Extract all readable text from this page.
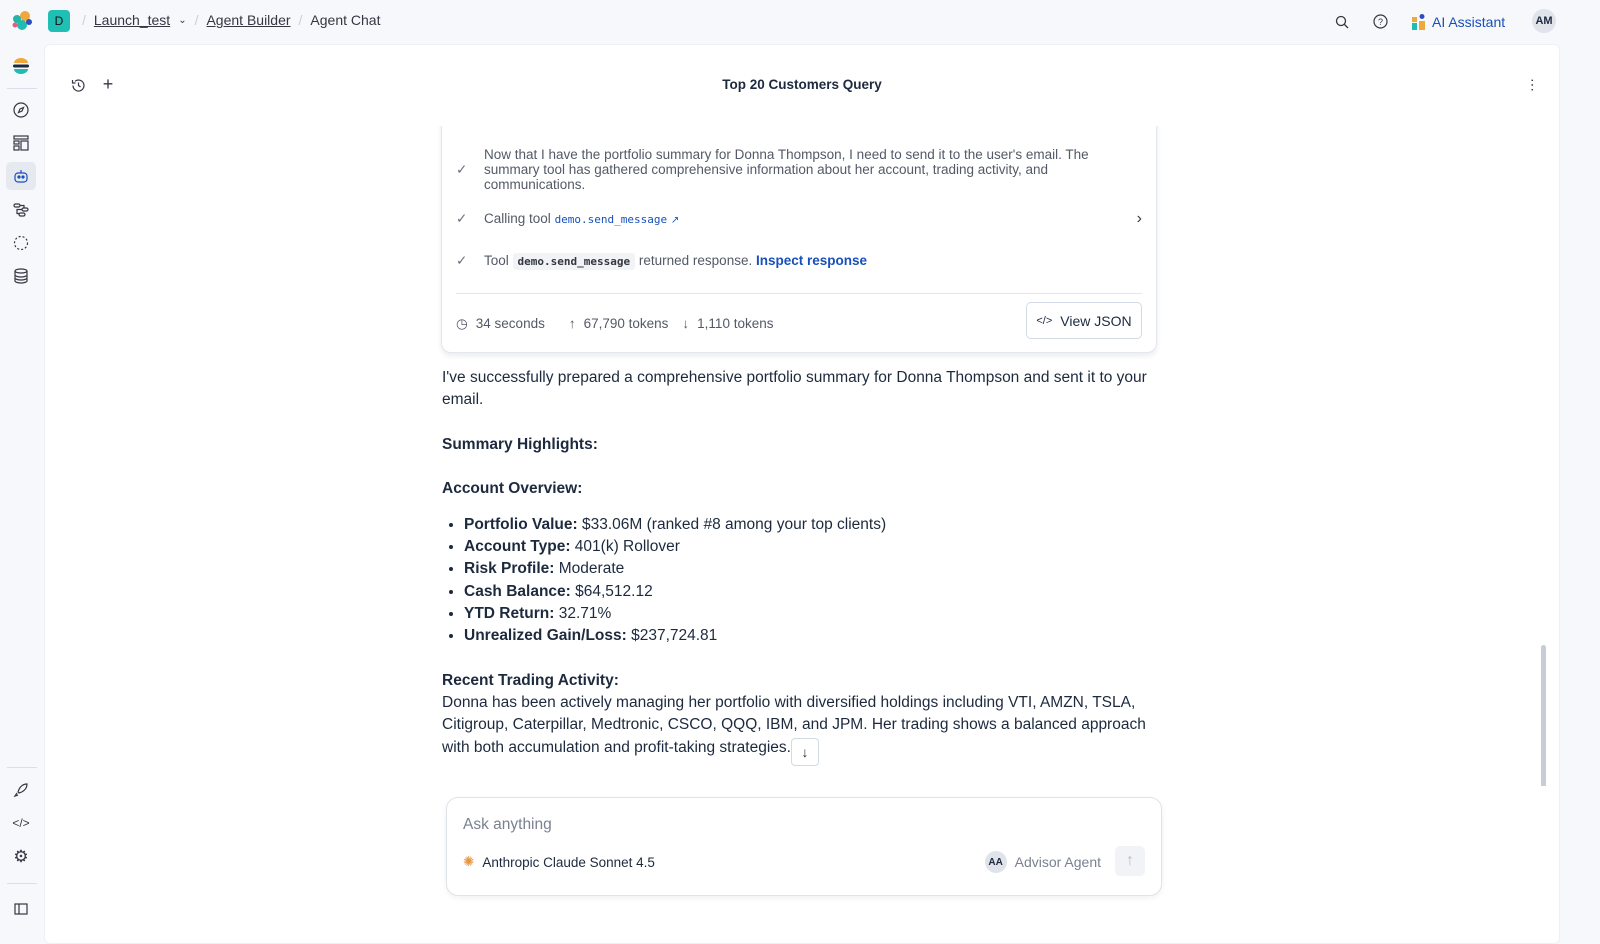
D	/ Launch_test ⌄ / Agent Builder / Agent Chat	?	AI Assistant	AM
</>
⚙
+	Top 20 Customers Query	⋯
✓
Now that I have the portfolio summary for Donna Thompson, I need to send it to the user's email. The summary tool has gathered comprehensive information about her account, trading activity, and communications.
✓ Calling tool demo.send_message ↗	›
✓ Tool demo.send_message returned response. Inspect response
◷ 34 seconds ↑ 67,790 tokens ↓ 1,110 tokens	</> View JSON

I've successfully prepared a comprehensive portfolio summary for Donna Thompson and sent it to your email.

Summary Highlights:

Account Overview:

• Portfolio Value: $33.06M (ranked #8 among your top clients)
• Account Type: 401(k) Rollover
• Risk Profile: Moderate
• Cash Balance: $64,512.12
• YTD Return: 32.71%
• Unrealized Gain/Loss: $237,724.81
Recent Trading Activity:

Donna has been actively managing her portfolio with diversified holdings including VTI, AMZN, TSLA, Citigroup, Caterpillar, Medtronic, CSCO, QQQ, IBM, and JPM. Her trading shows a balanced approach with both accumulation and profit-taking strategies. ↓
Ask anything
✺ Anthropic Claude Sonnet 4.5	AA Advisor Agent	↑
